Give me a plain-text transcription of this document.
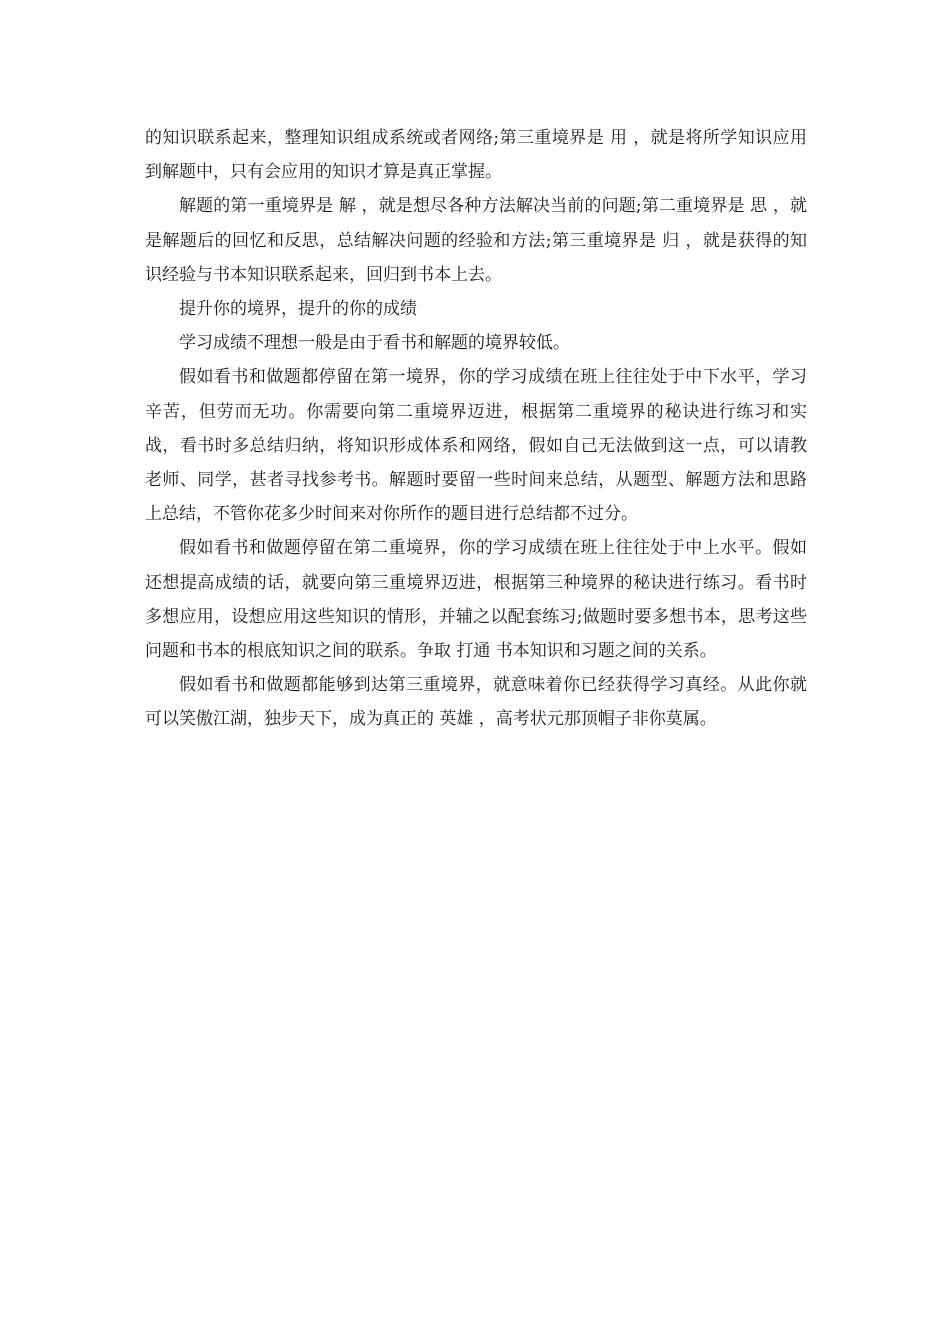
的知识联系起来，整理知识组成系统或者网络;第三重境界是 用 ，就是将所学知识应用到解题中，只有会应用的知识才算是真正掌握。

解题的第一重境界是 解 ，就是想尽各种方法解决当前的问题;第二重境界是 思 ，就是解题后的回忆和反思，总结解决问题的经验和方法;第三重境界是 归 ，就是获得的知识经验与书本知识联系起来，回归到书本上去。

提升你的境界，提升的你的成绩

学习成绩不理想一般是由于看书和解题的境界较低。

假如看书和做题都停留在第一境界，你的学习成绩在班上往往处于中下水平，学习辛苦，但劳而无功。你需要向第二重境界迈进，根据第二重境界的秘诀进行练习和实战，看书时多总结归纳，将知识形成体系和网络，假如自己无法做到这一点，可以请教老师、同学，甚者寻找参考书。解题时要留一些时间来总结，从题型、解题方法和思路上总结，不管你花多少时间来对你所作的题目进行总结都不过分。

假如看书和做题停留在第二重境界，你的学习成绩在班上往往处于中上水平。假如还想提高成绩的话，就要向第三重境界迈进，根据第三种境界的秘诀进行练习。看书时多想应用，设想应用这些知识的情形，并辅之以配套练习;做题时要多想书本，思考这些问题和书本的根底知识之间的联系。争取 打通 书本知识和习题之间的关系。

假如看书和做题都能够到达第三重境界，就意味着你已经获得学习真经。从此你就可以笑傲江湖，独步天下，成为真正的 英雄 ，高考状元那顶帽子非你莫属。
